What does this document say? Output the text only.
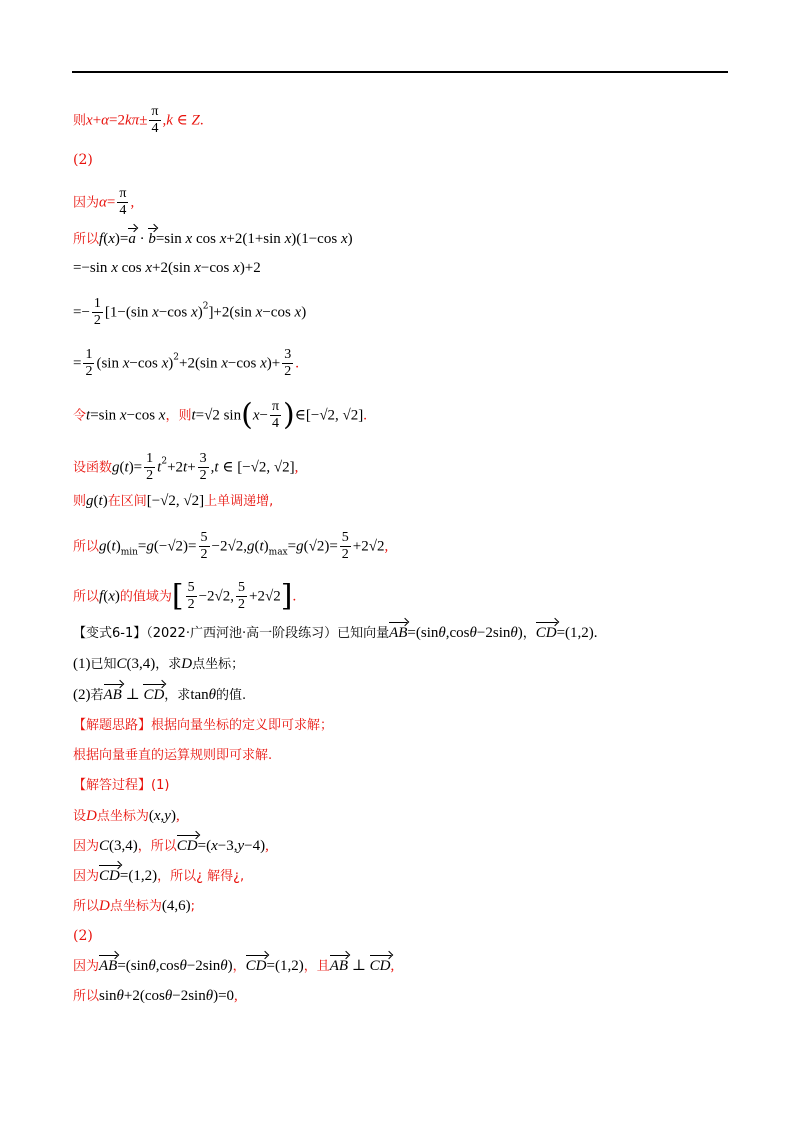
则$x+\alpha=2k\pi\pm \frac{\pi}{4} ,k$ ∈ Z.
(2)
因为$\alpha= \frac{\pi}{4}$ ,
所以f(x)=a · b=sin x cos x+2(1+sin x)(1−cos x)
=−sin x cos x+2(sin x−cos x)+2
=− $\frac{1}{2} [1-(\sin$ x−cos x)$^2$]+2(sin x−cos x)
= $\frac{1}{2} (\sin$ x−cos x)$^2$+2(sin x−cos $x)+ \frac{3}{2}$ .
令t=sin x−cos x，则t=√2 $\sin(x- \frac{\pi}{4}$ )∈[−√2, √2].
设函数$g(t)= \frac{1}{2} t^2+2t+ \frac{3}{2} ,t$ ∈ [−√2, √2],
则g(t)在区间[−√2, √2]上单调递增,
所以$g(t)_{min}=g(-√2)= \frac{5}{2} -2√2,g(t)_{max}=g(√2)= \frac{5}{2} +2√2$,
所以f(x)的值域为[ $\frac{5}{2} -2√2$, $\frac{5}{2} +2√2$].
【变式6-1】（2022·广西河池·高一阶段练习）已知向量AB=(sinθ,cosθ−2sinθ)，CD=(1,2).
(1)已知C(3,4)，求D点坐标；
(2)若AB ⊥ CD，求tanθ的值.
【解题思路】根据向量坐标的定义即可求解；
根据向量垂直的运算规则即可求解.
【解答过程】(1)
设D点坐标为(x,y),
因为C(3,4)，所以CD=(x−3,y−4),
因为CD=(1,2)，所以¿ 解得¿,
所以D点坐标为(4,6);
(2)
因为AB=(sinθ,cosθ−2sinθ)，CD=(1,2)，且AB ⊥ CD,
所以sinθ+2(cosθ−2sinθ)=0,
